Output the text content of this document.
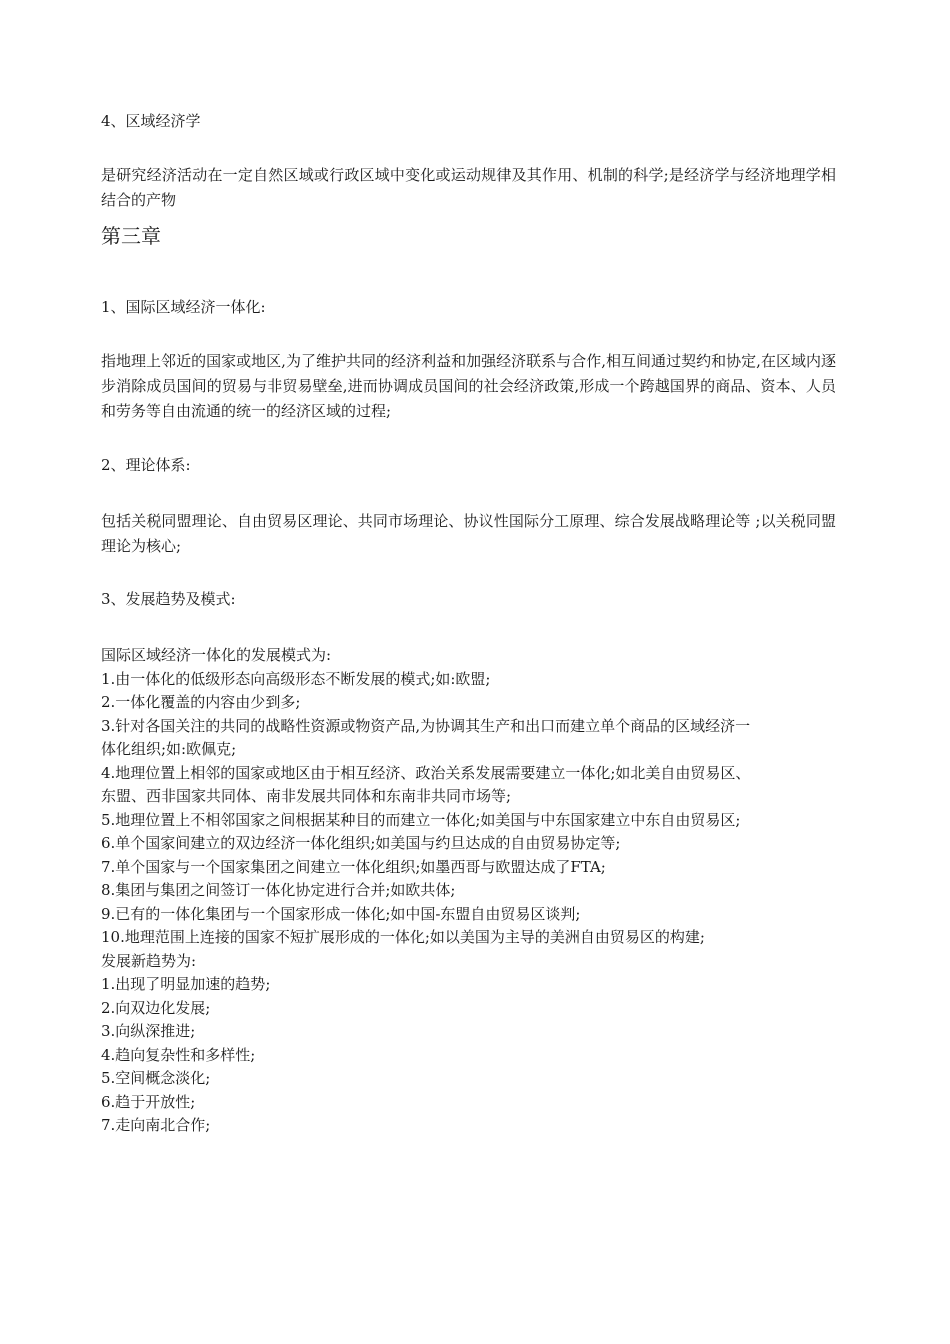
4、区域经济学
是研究经济活动在一定自然区域或行政区域中变化或运动规律及其作用、机制的科学;是经济学与经济地理学相结合的产物
第三章
1、国际区域经济一体化:
指地理上邻近的国家或地区,为了维护共同的经济利益和加强经济联系与合作,相互间通过契约和协定,在区域内逐步消除成员国间的贸易与非贸易壁垒,进而协调成员国间的社会经济政策,形成一个跨越国界的商品、资本、人员和劳务等自由流通的统一的经济区域的过程;
2、理论体系:
包括关税同盟理论、自由贸易区理论、共同市场理论、协议性国际分工原理、综合发展战略理论等 ;以关税同盟理论为核心;
3、发展趋势及模式:
国际区域经济一体化的发展模式为:
1.由一体化的低级形态向高级形态不断发展的模式;如:欧盟;
2.一体化覆盖的内容由少到多;
3.针对各国关注的共同的战略性资源或物资产品,为协调其生产和出口而建立单个商品的区域经济一
体化组织;如:欧佩克;
4.地理位置上相邻的国家或地区由于相互经济、政治关系发展需要建立一体化;如北美自由贸易区、
东盟、西非国家共同体、南非发展共同体和东南非共同市场等;
5.地理位置上不相邻国家之间根据某种目的而建立一体化;如美国与中东国家建立中东自由贸易区;
6.单个国家间建立的双边经济一体化组织;如美国与约旦达成的自由贸易协定等;
7.单个国家与一个国家集团之间建立一体化组织;如墨西哥与欧盟达成了FTA;
8.集团与集团之间签订一体化协定进行合并;如欧共体;
9.已有的一体化集团与一个国家形成一体化;如中国-东盟自由贸易区谈判;
10.地理范围上连接的国家不短扩展形成的一体化;如以美国为主导的美洲自由贸易区的构建;
发展新趋势为:
1.出现了明显加速的趋势;
2.向双边化发展;
3.向纵深推进;
4.趋向复杂性和多样性;
5.空间概念淡化;
6.趋于开放性;
7.走向南北合作;
